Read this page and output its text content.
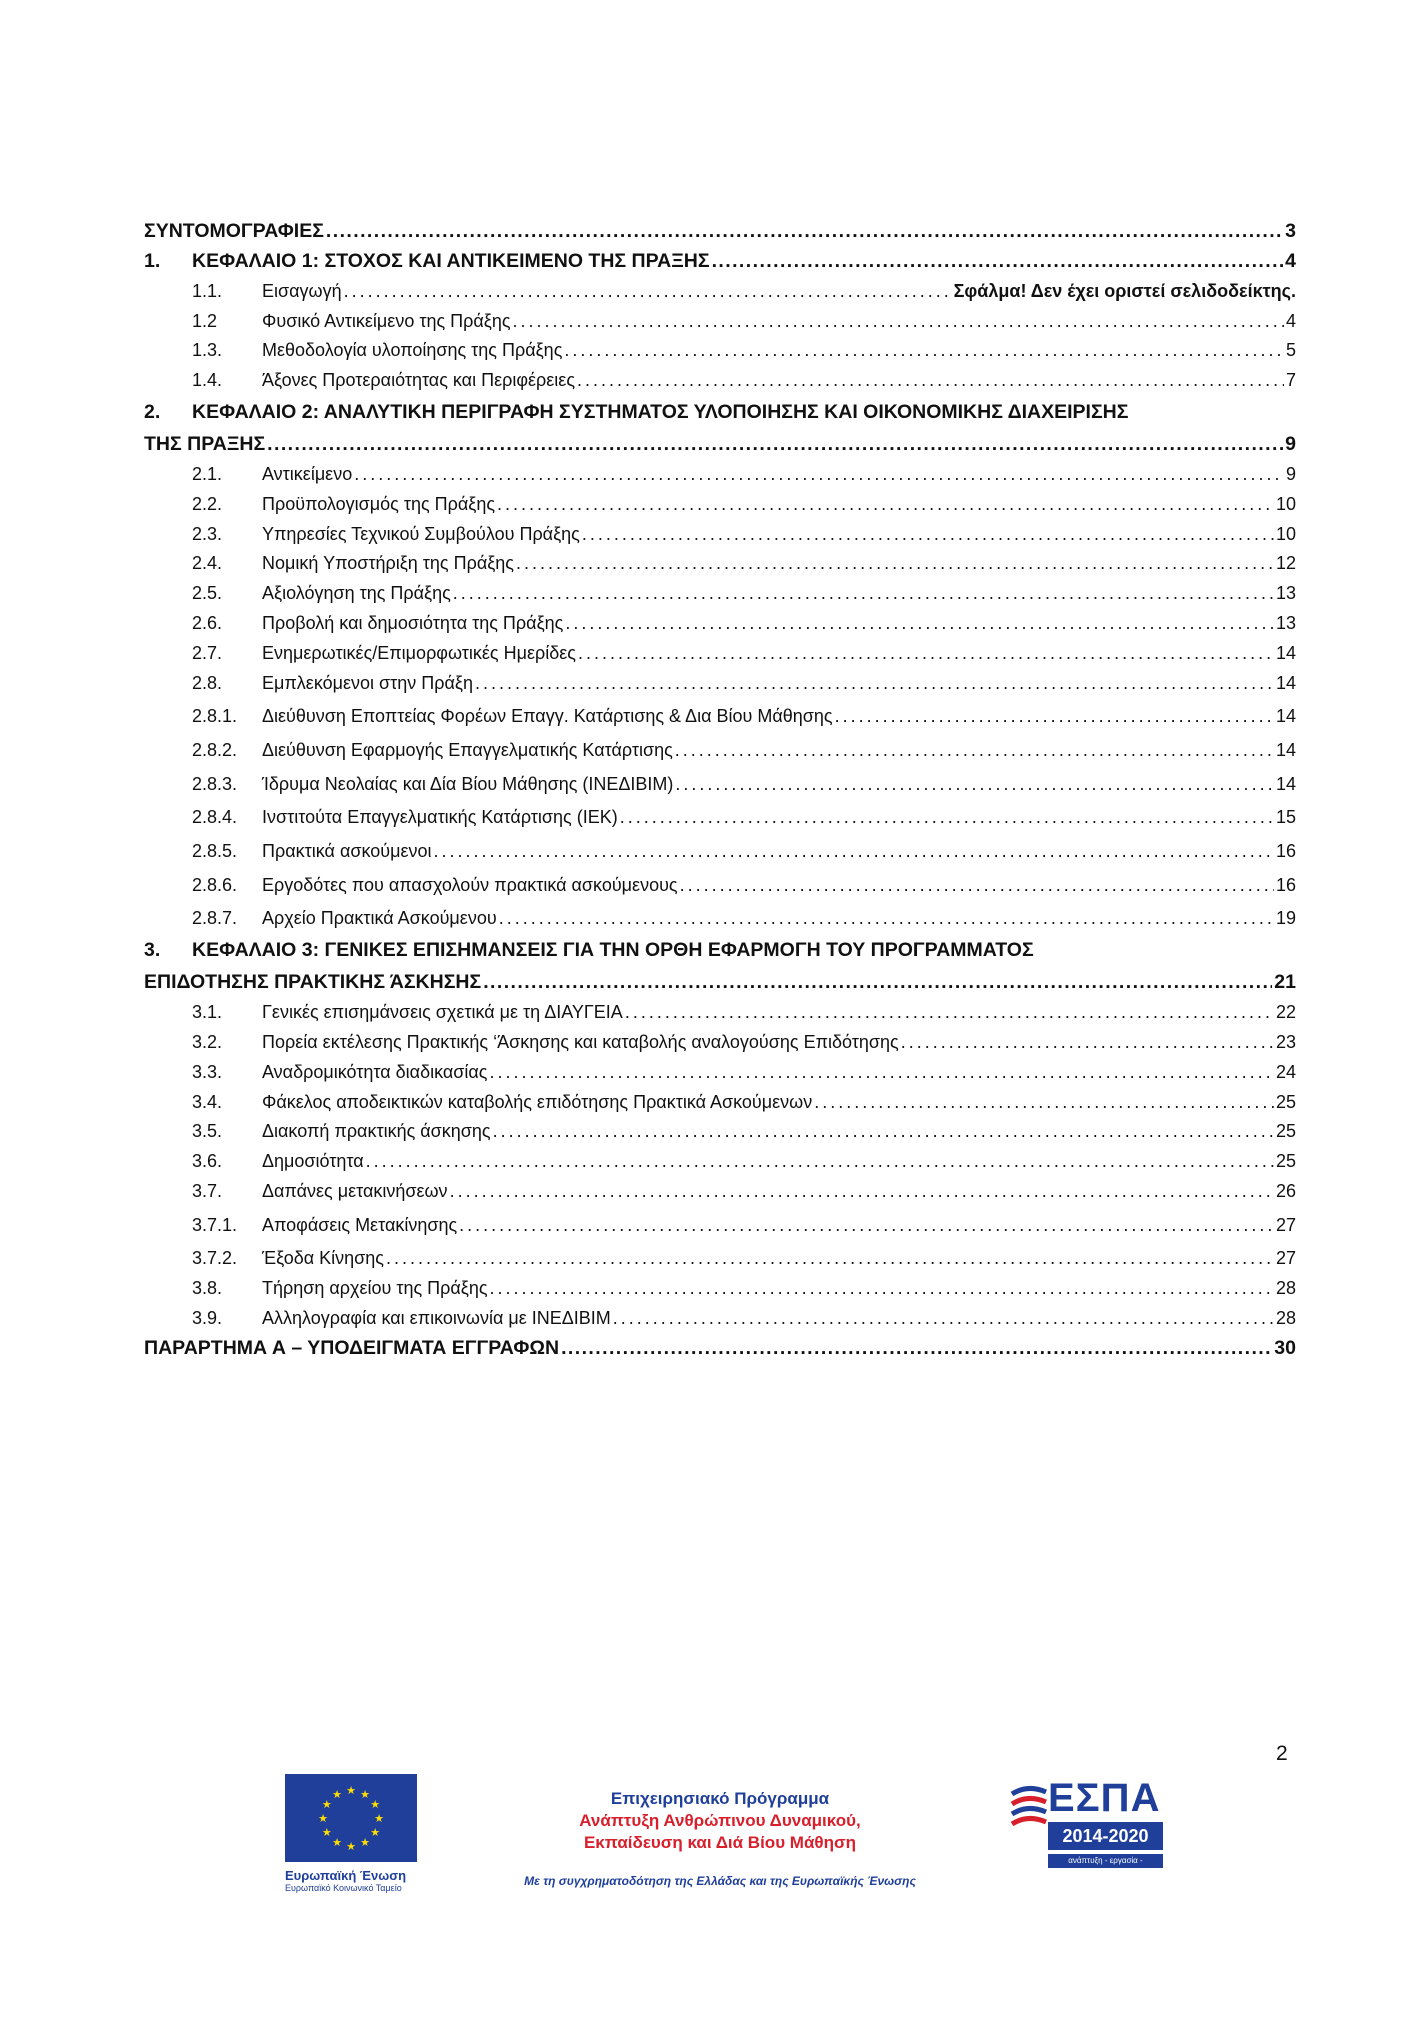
ΣΥΝΤΟΜΟΓΡΑΦΙΕΣ . . .	3
1.	ΚΕΦΑΛΑΙΟ 1: ΣΤΟΧΟΣ ΚΑΙ ΑΝΤΙΚΕΙΜΕΝΟ ΤΗΣ ΠΡΑΞΗΣ . . .	4
1.1.	Εισαγωγή . . .	Σφάλμα! Δεν έχει οριστεί σελιδοδείκτης.
1.2	Φυσικό Αντικείμενο της Πράξης . . .	4
1.3.	Μεθοδολογία υλοποίησης της Πράξης . . .	5
1.4.	Άξονες Προτεραιότητας και Περιφέρειες . . .	7
2.	ΚΕΦΑΛΑΙΟ 2: ΑΝΑΛΥΤΙΚΗ ΠΕΡΙΓΡΑΦΗ ΣΥΣΤΗΜΑΤΟΣ ΥΛΟΠΟΙΗΣΗΣ ΚΑΙ ΟΙΚΟΝΟΜΙΚΗΣ ΔΙΑΧΕΙΡΙΣΗΣ
ΤΗΣ ΠΡΑΞΗΣ . . .	9
2.1.	Αντικείμενο . . .	9
2.2.	Προϋπολογισμός της Πράξης . . .	10
2.3.	Υπηρεσίες Τεχνικού Συμβούλου Πράξης . . .	10
2.4.	Νομική Υποστήριξη της Πράξης . . .	12
2.5.	Αξιολόγηση της Πράξης . . .	13
2.6.	Προβολή και δημοσιότητα της Πράξης . . .	13
2.7.	Ενημερωτικές/Επιμορφωτικές Ημερίδες . . .	14
2.8.	Εμπλεκόμενοι στην Πράξη . . .	14
2.8.1.	Διεύθυνση Εποπτείας Φορέων Επαγγ. Κατάρτισης & Δια Βίου Μάθησης . . .	14
2.8.2.	Διεύθυνση Εφαρμογής Επαγγελματικής Κατάρτισης . . .	14
2.8.3.	Ίδρυμα Νεολαίας και Δία Βίου Μάθησης (ΙΝΕΔΙΒΙΜ) . . .	14
2.8.4.	Ινστιτούτα Επαγγελματικής Κατάρτισης (ΙΕΚ) . . .	15
2.8.5.	Πρακτικά ασκούμενοι . . .	16
2.8.6.	Εργοδότες που απασχολούν πρακτικά ασκούμενους . . .	16
2.8.7.	Αρχείο Πρακτικά Ασκούμενου . . .	19
3.	ΚΕΦΑΛΑΙΟ 3: ΓΕΝΙΚΕΣ ΕΠΙΣΗΜΑΝΣΕΙΣ ΓΙΑ ΤΗΝ ΟΡΘΗ ΕΦΑΡΜΟΓΗ ΤΟΥ ΠΡΟΓΡΑΜΜΑΤΟΣ
ΕΠΙΔΟΤΗΣΗΣ ΠΡΑΚΤΙΚΗΣ ΆΣΚΗΣΗΣ . . .	21
3.1.	Γενικές επισημάνσεις σχετικά με τη ΔΙΑΥΓΕΙΑ . . .	22
3.2.	Πορεία εκτέλεσης Πρακτικής ‘Άσκησης και καταβολής αναλογούσης Επιδότησης . . .	23
3.3.	Αναδρομικότητα διαδικασίας . . .	24
3.4.	Φάκελος αποδεικτικών καταβολής επιδότησης Πρακτικά Ασκούμενων . . .	25
3.5.	Διακοπή πρακτικής άσκησης . . .	25
3.6.	Δημοσιότητα . . .	25
3.7.	Δαπάνες μετακινήσεων . . .	26
3.7.1.	Αποφάσεις Μετακίνησης . . .	27
3.7.2.	Έξοδα Κίνησης . . .	27
3.8.	Τήρηση αρχείου της Πράξης . . .	28
3.9.	Αλληλογραφία και επικοινωνία με ΙΝΕΔΙΒΙΜ . . .	28
ΠΑΡΑΡΤΗΜΑ Α – ΥΠΟΔΕΙΓΜΑΤΑ ΕΓΓΡΑΦΩΝ . . .	30
2
★ ★
★
★
★
★
★
★
★
★
★
★
Ευρωπαϊκή Ένωση
Ευρωπαϊκό Κοινωνικό Ταμείο
Επιχειρησιακό Πρόγραμμα
Ανάπτυξη Ανθρώπινου Δυναμικού,
Εκπαίδευση και Διά Βίου Μάθηση
Με τη συγχρηματοδότηση της Ελλάδας και της Ευρωπαϊκής Ένωσης
ΕΣΠΑ
2014-2020
ανάπτυξη - εργασία - αλληλεγγύη
